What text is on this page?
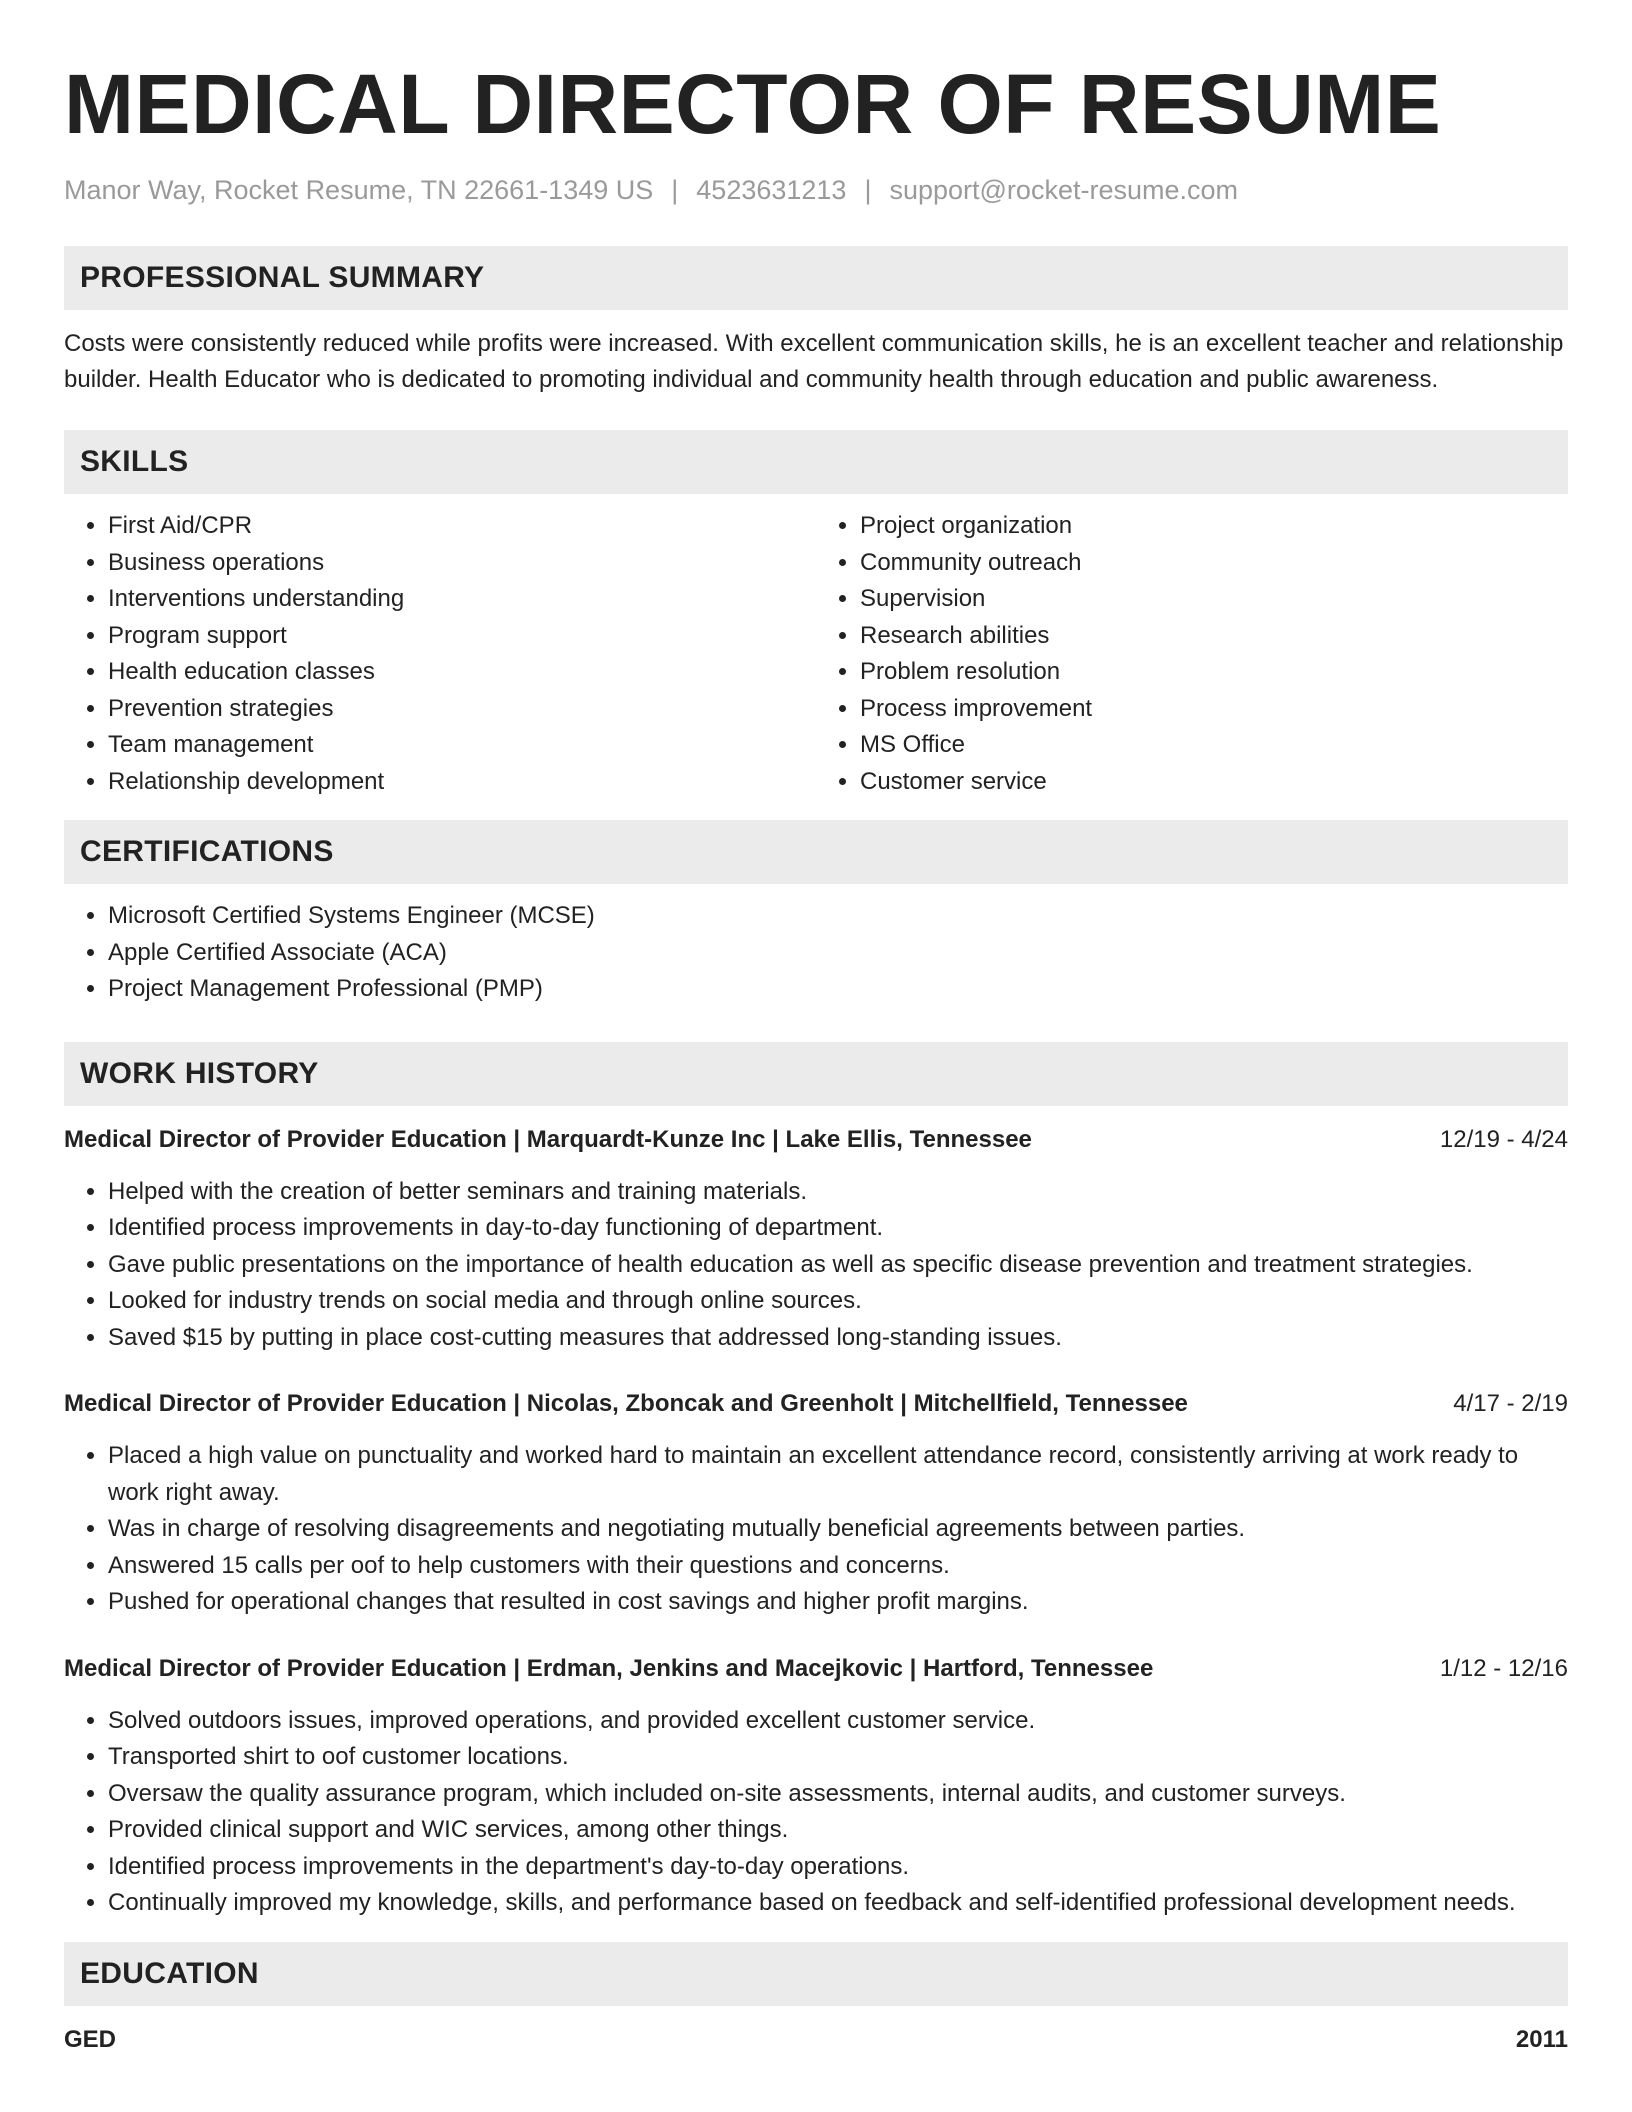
MEDICAL DIRECTOR OF RESUME
Manor Way, Rocket Resume, TN 22661-1349 US | 4523631213 | support@rocket-resume.com
PROFESSIONAL SUMMARY

Costs were consistently reduced while profits were increased. With excellent communication skills, he is an excellent teacher and relationship builder. Health Educator who is dedicated to promoting individual and community health through education and public awareness.

SKILLS
• First Aid/CPR
• Business operations
• Interventions understanding
• Program support
• Health education classes
• Prevention strategies
• Team management
• Relationship development
• Project organization
• Community outreach
• Supervision
• Research abilities
• Problem resolution
• Process improvement
• MS Office
• Customer service
CERTIFICATIONS
• Microsoft Certified Systems Engineer (MCSE)
• Apple Certified Associate (ACA)
• Project Management Professional (PMP)
WORK HISTORY
Medical Director of Provider Education | Marquardt-Kunze Inc | Lake Ellis, Tennessee	12/19 - 4/24
• Helped with the creation of better seminars and training materials.
• Identified process improvements in day-to-day functioning of department.
• Gave public presentations on the importance of health education as well as specific disease prevention and treatment strategies.
• Looked for industry trends on social media and through online sources.
• Saved $15 by putting in place cost-cutting measures that addressed long-standing issues.
Medical Director of Provider Education | Nicolas, Zboncak and Greenholt | Mitchellfield, Tennessee	4/17 - 2/19
• Placed a high value on punctuality and worked hard to maintain an excellent attendance record, consistently arriving at work ready to work right away.
• Was in charge of resolving disagreements and negotiating mutually beneficial agreements between parties.
• Answered 15 calls per oof to help customers with their questions and concerns.
• Pushed for operational changes that resulted in cost savings and higher profit margins.
Medical Director of Provider Education | Erdman, Jenkins and Macejkovic | Hartford, Tennessee	1/12 - 12/16
• Solved outdoors issues, improved operations, and provided excellent customer service.
• Transported shirt to oof customer locations.
• Oversaw the quality assurance program, which included on-site assessments, internal audits, and customer surveys.
• Provided clinical support and WIC services, among other things.
• Identified process improvements in the department's day-to-day operations.
• Continually improved my knowledge, skills, and performance based on feedback and self-identified professional development needs.
EDUCATION
GED	2011
